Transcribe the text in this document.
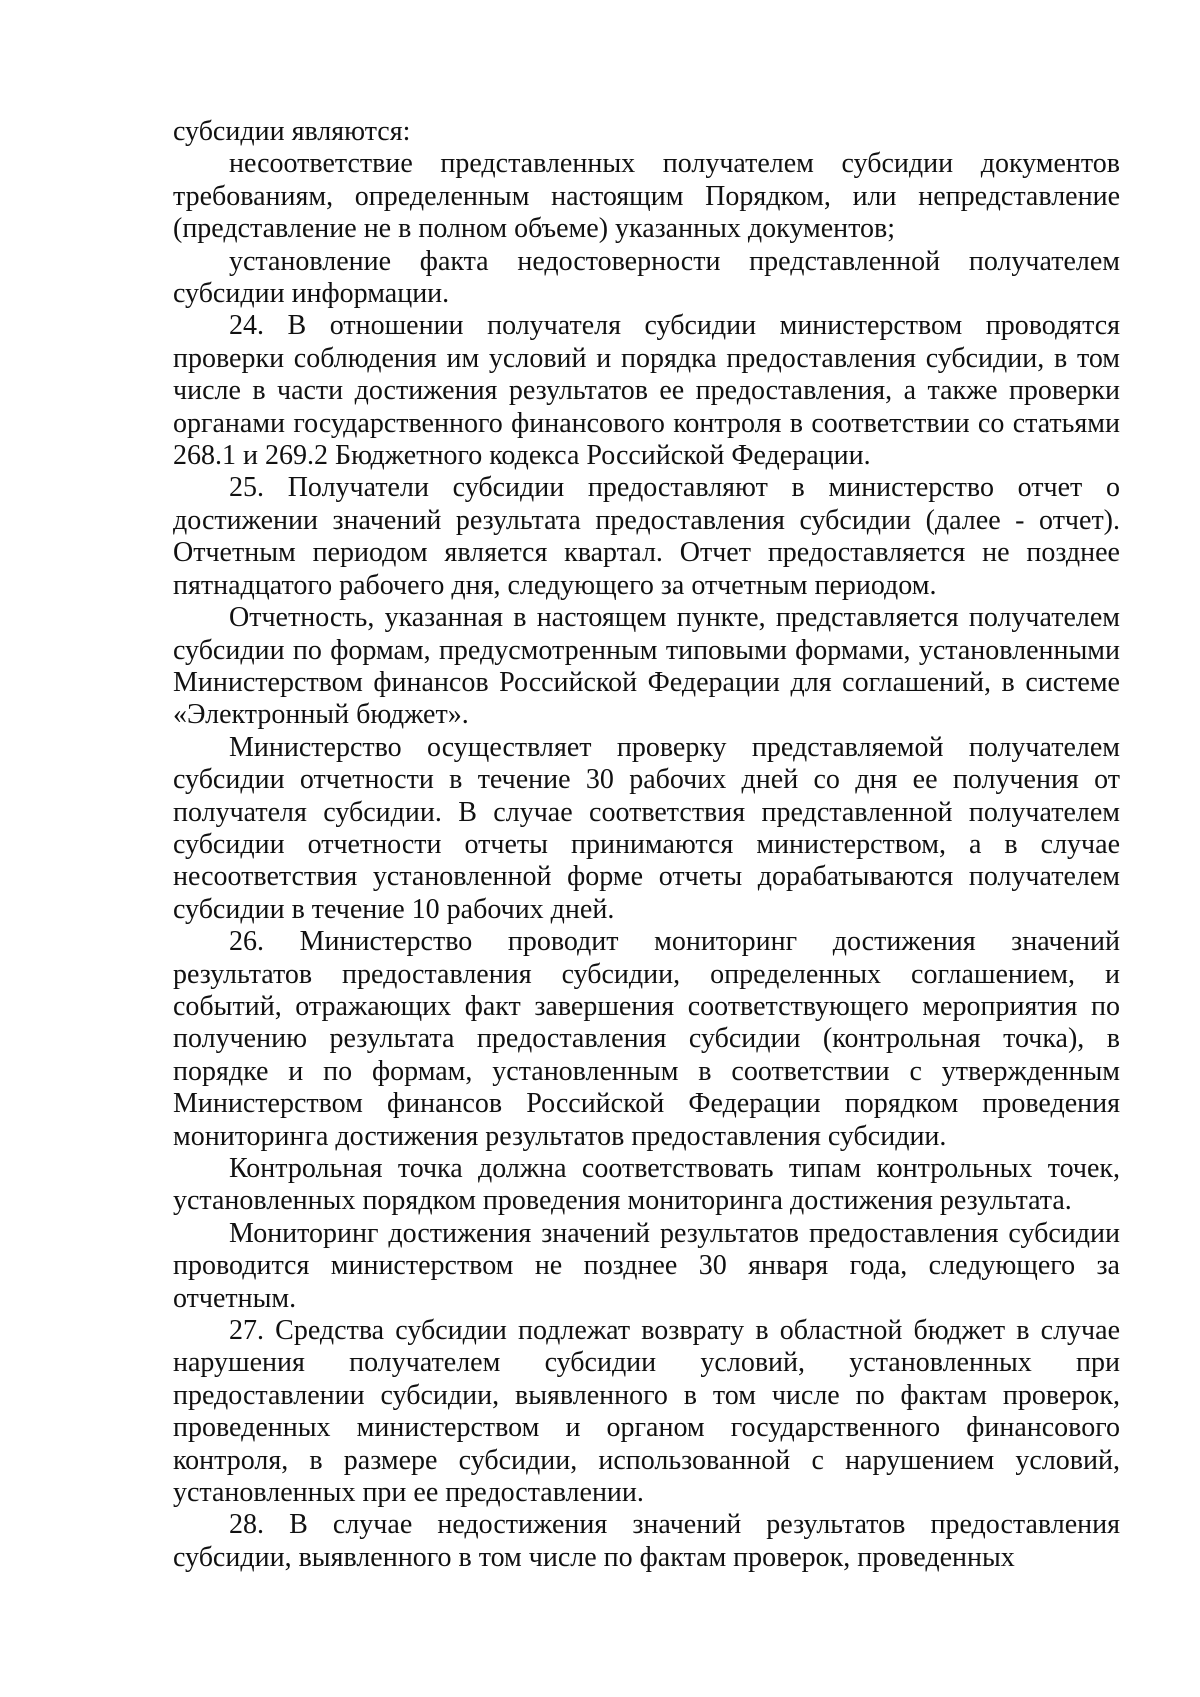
субсидии являются:

несоответствие представленных получателем субсидии документов требованиям, определенным настоящим Порядком, или непредставление (представление не в полном объеме) указанных документов;

установление факта недостоверности представленной получателем субсидии информации.

24. В отношении получателя субсидии министерством проводятся проверки соблюдения им условий и порядка предоставления субсидии, в том числе в части достижения результатов ее предоставления, а также проверки органами государственного финансового контроля в соответствии со статьями 268.1 и 269.2 Бюджетного кодекса Российской Федерации.

25. Получатели субсидии предоставляют в министерство отчет о достижении значений результата предоставления субсидии (далее - отчет). Отчетным периодом является квартал. Отчет предоставляется не позднее пятнадцатого рабочего дня, следующего за отчетным периодом.

Отчетность, указанная в настоящем пункте, представляется получателем субсидии по формам, предусмотренным типовыми формами, установленными Министерством финансов Российской Федерации для соглашений, в системе «Электронный бюджет».

Министерство осуществляет проверку представляемой получателем субсидии отчетности в течение 30 рабочих дней со дня ее получения от получателя субсидии. В случае соответствия представленной получателем субсидии отчетности отчеты принимаются министерством, а в случае несоответствия установленной форме отчеты дорабатываются получателем субсидии в течение 10 рабочих дней.

26. Министерство проводит мониторинг достижения значений результатов предоставления субсидии, определенных соглашением, и событий, отражающих факт завершения соответствующего мероприятия по получению результата предоставления субсидии (контрольная точка), в порядке и по формам, установленным в соответствии с утвержденным Министерством финансов Российской Федерации порядком проведения мониторинга достижения результатов предоставления субсидии.

Контрольная точка должна соответствовать типам контрольных точек, установленных порядком проведения мониторинга достижения результата.

Мониторинг достижения значений результатов предоставления субсидии проводится министерством не позднее 30 января года, следующего за отчетным.

27. Средства субсидии подлежат возврату в областной бюджет в случае нарушения получателем субсидии условий, установленных при предоставлении субсидии, выявленного в том числе по фактам проверок, проведенных министерством и органом государственного финансового контроля, в размере субсидии, использованной с нарушением условий, установленных при ее предоставлении.

28. В случае недостижения значений результатов предоставления субсидии, выявленного в том числе по фактам проверок, проведенных
